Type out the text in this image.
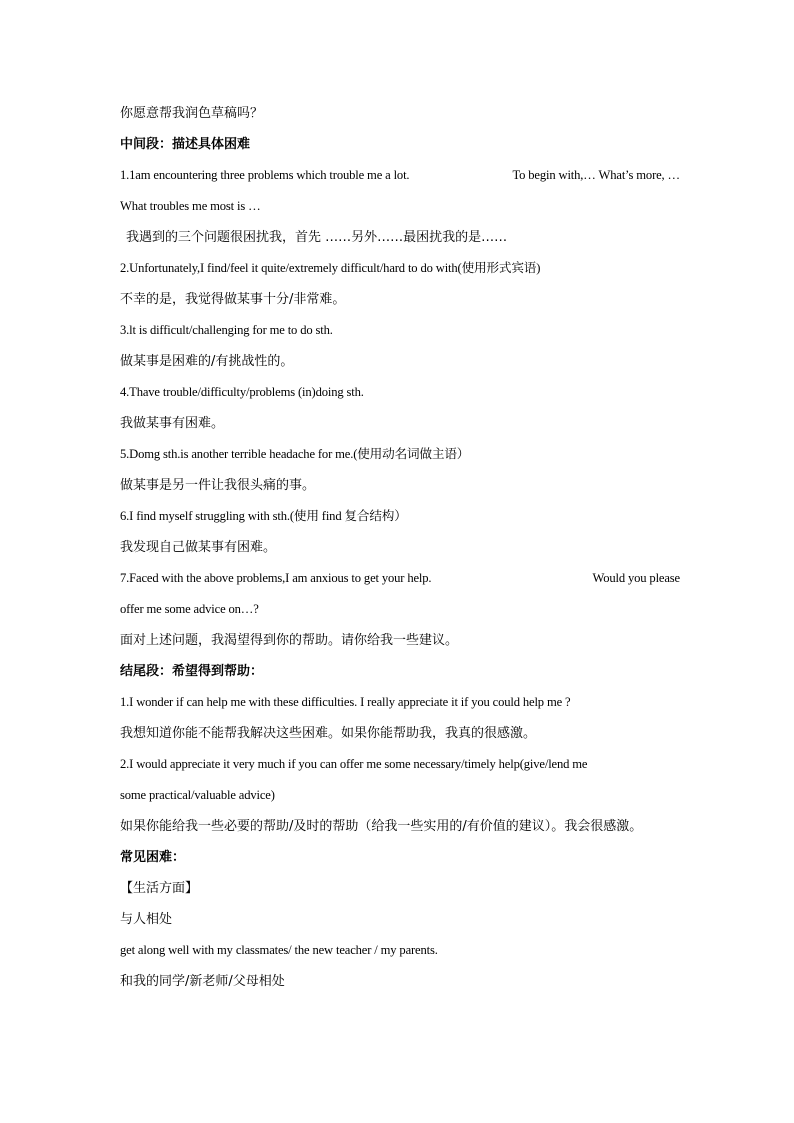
你愿意帮我润色草稿吗？

中间段：描述具体困难

1.1am encountering three problems which trouble me a lot.	To begin with,… What’s more, …

What troubles me most is …

我遇到的三个问题很困扰我，首先 ……另外……最困扰我的是……

2.Unfortunately,I find/feel it quite/extremely difficult/hard to do with(使用形式宾语)

不幸的是，我觉得做某事十分/非常难。

3.lt is difficult/challenging for me to do sth.

做某事是困难的/有挑战性的。

4.Thave trouble/difficulty/problems (in)doing sth.

我做某事有困难。

5.Domg sth.is another terrible headache for me.(使用动名词做主语）

做某事是另一件让我很头痛的事。

6.I find myself struggling with sth.(使用 find 复合结构）

我发现自己做某事有困难。

7.Faced with the above problems,I am anxious to get your help.	Would you please

offer me some advice on…?

面对上述问题，我渴望得到你的帮助。请你给我一些建议。

结尾段：希望得到帮助：

1.I wonder if can help me with these difficulties. I really appreciate it if you could help me ?

我想知道你能不能帮我解决这些困难。如果你能帮助我，我真的很感激。

2.I would appreciate it very much if you can offer me some necessary/timely help(give/lend me

some practical/valuable advice)

如果你能给我一些必要的帮助/及时的帮助（给我一些实用的/有价值的建议）。我会很感激。

常见困难：

【生活方面】

与人相处

get along well with my classmates/ the new teacher / my parents.

和我的同学/新老师/父母相处
